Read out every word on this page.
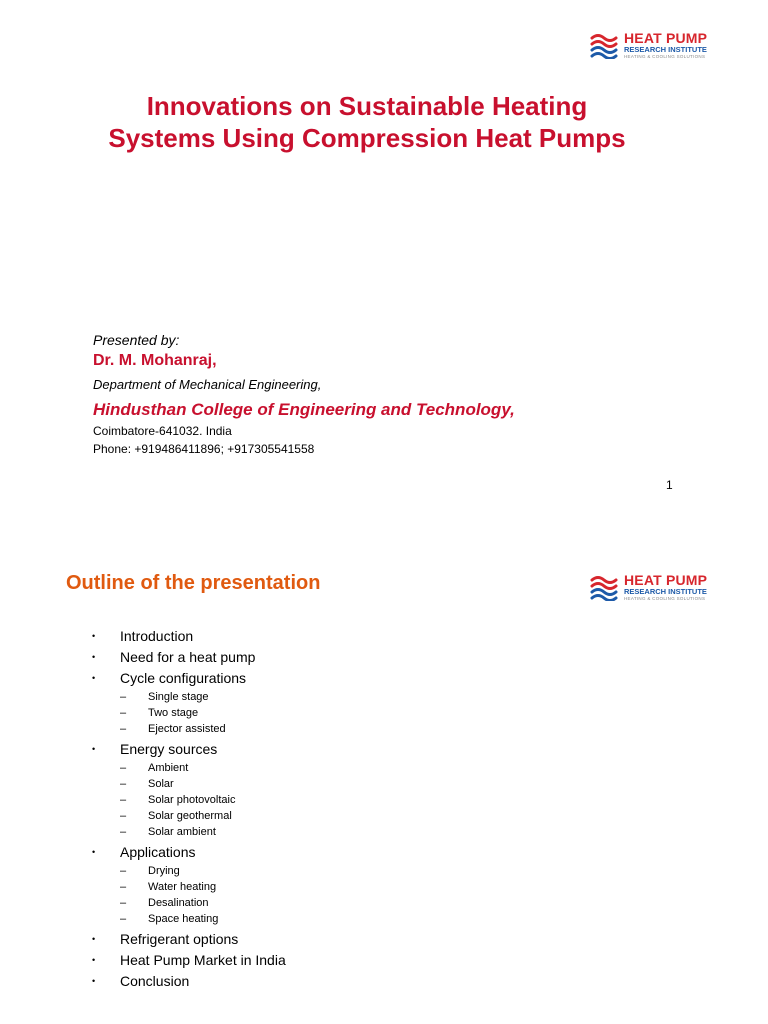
HEAT PUMP
RESEARCH INSTITUTE
HEATING & COOLING SOLUTIONS
Innovations on Sustainable Heating
Systems Using Compression Heat Pumps
Presented by:
Dr. M. Mohanraj,
Department of Mechanical Engineering,
Hindusthan College of Engineering and Technology,
Coimbatore-641032. India
Phone: +919486411896; +917305541558
1
HEAT PUMP
RESEARCH INSTITUTE
HEATING & COOLING SOLUTIONS
Outline of the presentation
• Introduction
• Need for a heat pump
• Cycle configurations
– Single stage
– Two stage
– Ejector assisted
• Energy sources
– Ambient
– Solar
– Solar photovoltaic
– Solar geothermal
– Solar ambient
• Applications
– Drying
– Water heating
– Desalination
– Space heating
• Refrigerant options
• Heat Pump Market in India
• Conclusion
